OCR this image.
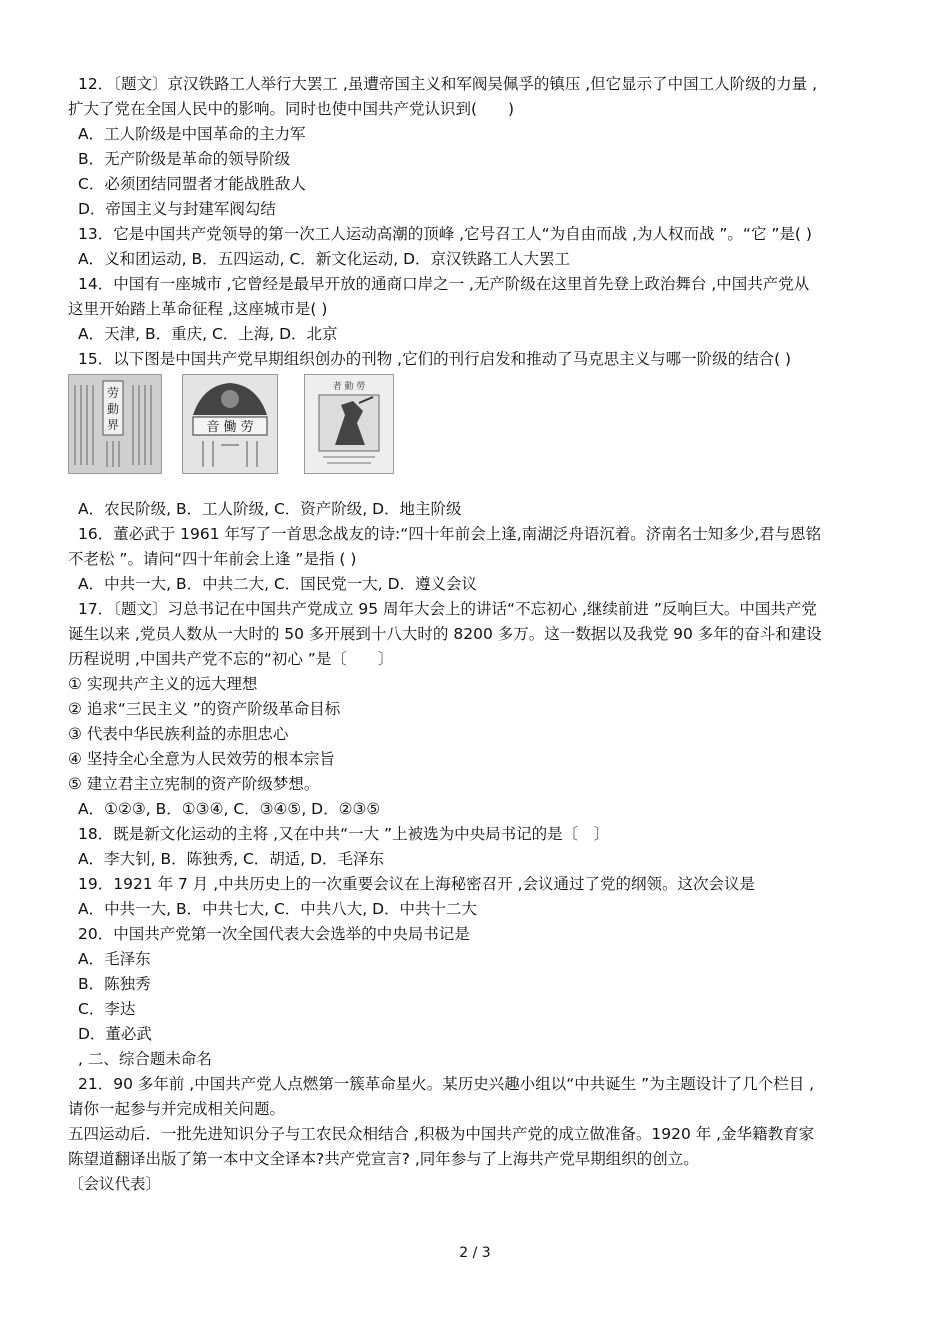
12．〔题文〕京汉铁路工人举行大罢工 ,虽遭帝国主义和军阀吴佩孚的镇压 ,但它显示了中国工人阶级的力量 ,
扩大了党在全国人民中的影响。同时也使中国共产党认识到(　　)
A．工人阶级是中国革命的主力军
B．无产阶级是革命的领导阶级
C．必须团结同盟者才能战胜敌人
D．帝国主义与封建军阀勾结
13．它是中国共产党领导的第一次工人运动高潮的顶峰 ,它号召工人“为自由而战 ,为人权而战 ”。“它 ”是( )
A．义和团运动, B．五四运动, C．新文化运动, D．京汉铁路工人大罢工
14．中国有一座城市 ,它曾经是最早开放的通商口岸之一 ,无产阶级在这里首先登上政治舞台 ,中国共产党从
这里开始踏上革命征程 ,这座城市是( )
A．天津, B．重庆, C．上海, D．北京
15．以下图是中国共产党早期组织创办的刊物 ,它们的刊行启发和推动了马克思主义与哪一阶级的结合( )
劳
動
界	音 働 劳
者 動 勞
A．农民阶级, B．工人阶级, C．资产阶级, D．地主阶级
16．董必武于 1961 年写了一首思念战友的诗:“四十年前会上逢,南湖泛舟语沉着。济南名士知多少,君与恩铭
不老松 ”。请问“四十年前会上逢 ”是指 ( )
A．中共一大, B．中共二大, C．国民党一大, D．遵义会议
17．〔题文〕习总书记在中国共产党成立 95 周年大会上的讲话“不忘初心 ,继续前进 ”反响巨大。中国共产党
诞生以来 ,党员人数从一大时的 50 多开展到十八大时的 8200 多万。这一数据以及我党 90 多年的奋斗和建设
历程说明 ,中国共产党不忘的“初心 ”是〔　　〕
① 实现共产主义的远大理想
② 追求“三民主义 ”的资产阶级革命目标
③ 代表中华民族利益的赤胆忠心
④ 坚持全心全意为人民效劳的根本宗旨
⑤ 建立君主立宪制的资产阶级梦想。
A．①②③, B．①③④, C．③④⑤, D．②③⑤
18．既是新文化运动的主将 ,又在中共“一大 ”上被选为中央局书记的是〔　〕
A．李大钊, B．陈独秀, C．胡适, D．毛泽东
19．1921 年 7 月 ,中共历史上的一次重要会议在上海秘密召开 ,会议通过了党的纲领。这次会议是
A．中共一大, B．中共七大, C．中共八大, D．中共十二大
20．中国共产党第一次全国代表大会选举的中央局书记是
A．毛泽东
B．陈独秀
C．李达
D．董必武
, 二、综合题未命名
21．90 多年前 ,中国共产党人点燃第一簇革命星火。某历史兴趣小组以“中共诞生 ”为主题设计了几个栏目 ,
请你一起参与并完成相关问题。
五四运动后．一批先进知识分子与工农民众相结合 ,积极为中国共产党的成立做准备。1920 年 ,金华籍教育家
陈望道翻译出版了第一本中文全译本?共产党宣言? ,同年参与了上海共产党早期组织的创立。
〔会议代表〕
2 / 3
